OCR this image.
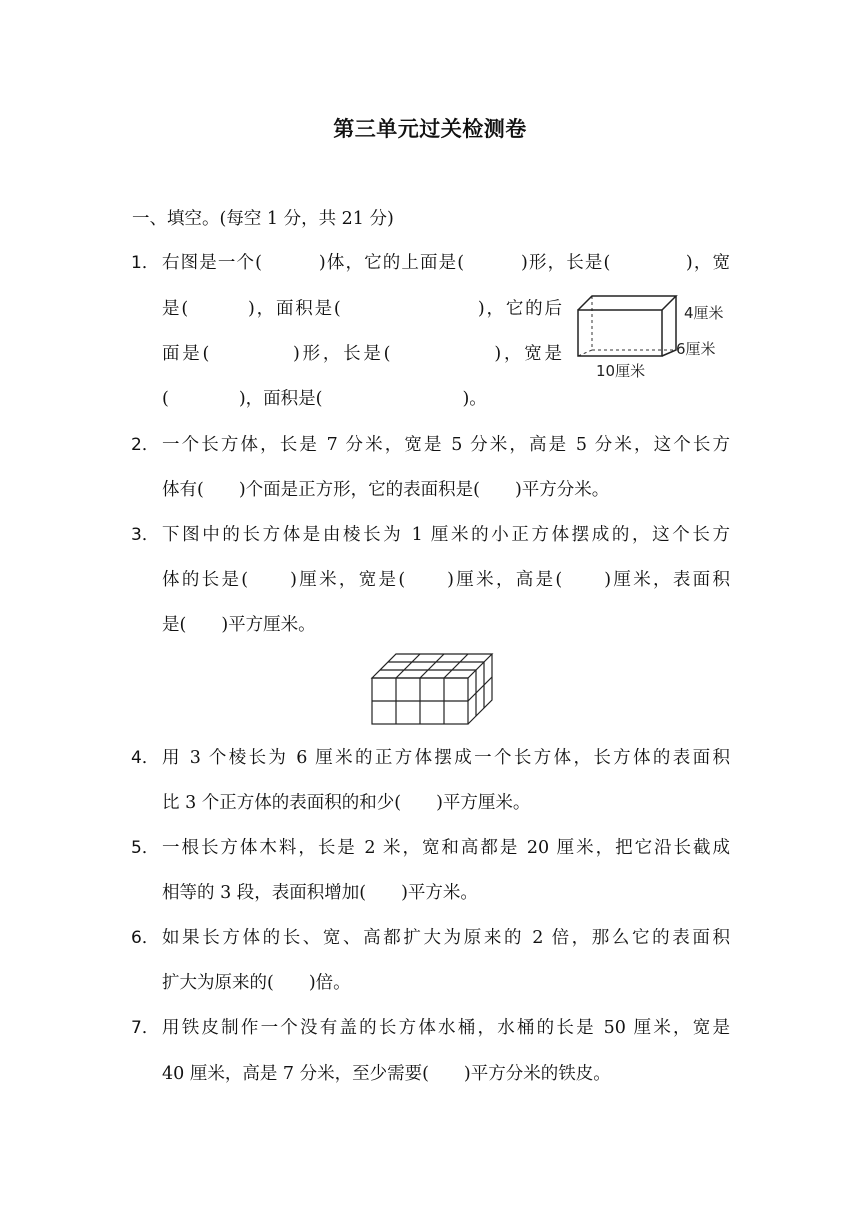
第三单元过关检测卷
一、填空。(每空 1 分，共 21 分)
1． 右图是一个(　　　)体，它的上面是(　　　)形，长是(　　　　)，宽
是(　　　)，面积是(　　　　　　　)，它的后
面是(　　　　)形，长是(　　　　　)，宽是
(　　　　)，面积是(　　　　　　　　)。
4厘米
6厘米
10厘米
2． 一个长方体，长是 7 分米，宽是 5 分米，高是 5 分米，这个长方
体有(　　)个面是正方形，它的表面积是(　　)平方分米。
3． 下图中的长方体是由棱长为 1 厘米的小正方体摆成的，这个长方
体的长是(　　)厘米，宽是(　　)厘米，高是(　　)厘米，表面积
是(　　)平方厘米。
4． 用 3 个棱长为 6 厘米的正方体摆成一个长方体，长方体的表面积
比 3 个正方体的表面积的和少(　　)平方厘米。
5． 一根长方体木料，长是 2 米，宽和高都是 20 厘米，把它沿长截成
相等的 3 段，表面积增加(　　)平方米。
6． 如果长方体的长、宽、高都扩大为原来的 2 倍，那么它的表面积
扩大为原来的(　　)倍。
7． 用铁皮制作一个没有盖的长方体水桶，水桶的长是 50 厘米，宽是
40 厘米，高是 7 分米，至少需要(　　)平方分米的铁皮。
